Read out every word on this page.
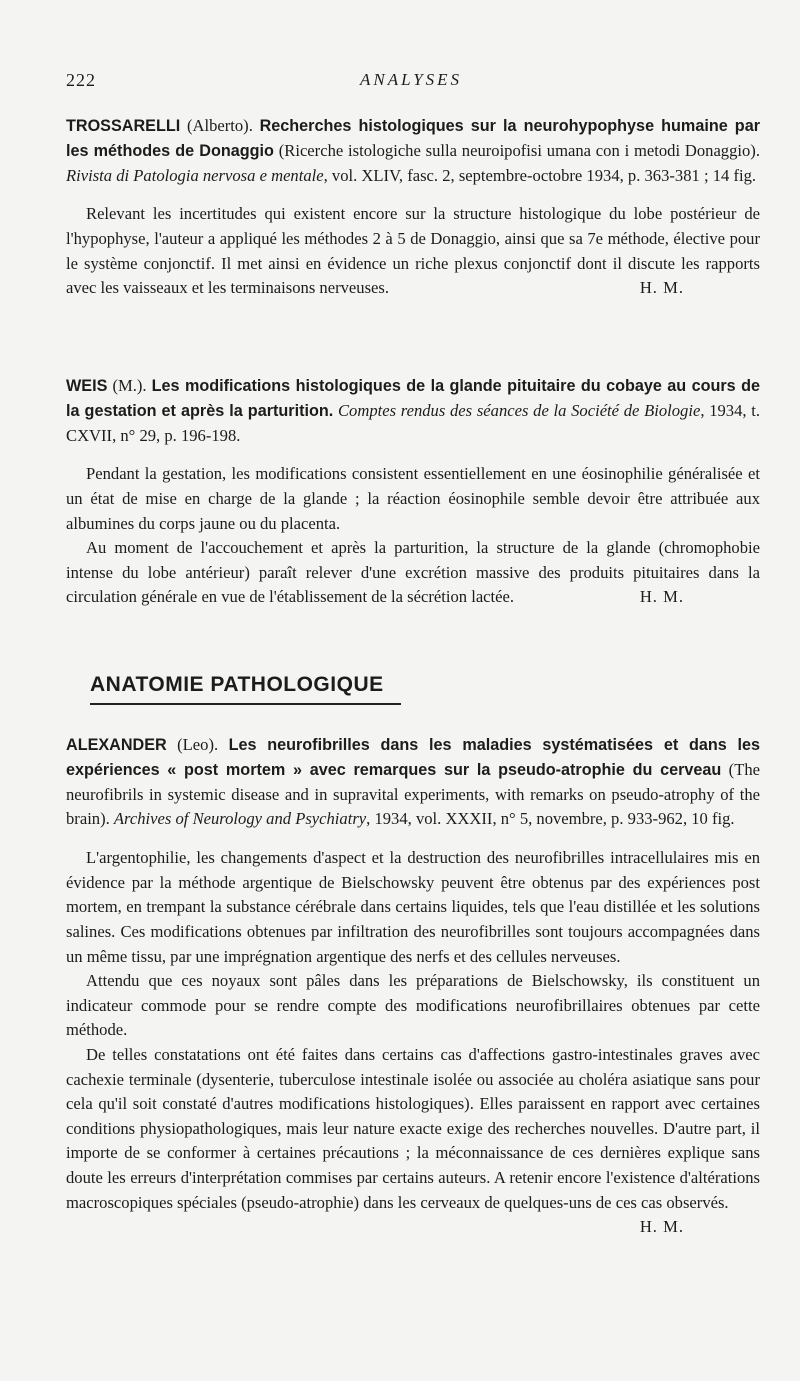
222	ANALYSES

TROSSARELLI (Alberto). Recherches histologiques sur la neurohypophyse humaine par les méthodes de Donaggio (Ricerche istologiche sulla neuroipofisi umana con i metodi Donaggio). Rivista di Patologia nervosa e mentale, vol. XLIV, fasc. 2, septembre-octobre 1934, p. 363-381 ; 14 fig.

Relevant les incertitudes qui existent encore sur la structure histologique du lobe postérieur de l'hypophyse, l'auteur a appliqué les méthodes 2 à 5 de Donaggio, ainsi que sa 7e méthode, élective pour le système conjonctif. Il met ainsi en évidence un riche plexus conjonctif dont il discute les rapports avec les vaisseaux et les terminaisons nerveuses.	H. M.

WEIS (M.). Les modifications histologiques de la glande pituitaire du cobaye au cours de la gestation et après la parturition. Comptes rendus des séances de la Société de Biologie, 1934, t. CXVII, n° 29, p. 196-198.

Pendant la gestation, les modifications consistent essentiellement en une éosinophilie généralisée et un état de mise en charge de la glande ; la réaction éosinophile semble devoir être attribuée aux albumines du corps jaune ou du placenta.

Au moment de l'accouchement et après la parturition, la structure de la glande (chromophobie intense du lobe antérieur) paraît relever d'une excrétion massive des produits pituitaires dans la circulation générale en vue de l'établissement de la sécrétion lactée.	H. M.

ANATOMIE PATHOLOGIQUE

ALEXANDER (Leo). Les neurofibrilles dans les maladies systématisées et dans les expériences « post mortem » avec remarques sur la pseudo-atrophie du cerveau (The neurofibrils in systemic disease and in supravital experiments, with remarks on pseudo-atrophy of the brain). Archives of Neurology and Psychiatry, 1934, vol. XXXII, n° 5, novembre, p. 933-962, 10 fig.

L'argentophilie, les changements d'aspect et la destruction des neurofibrilles intracellulaires mis en évidence par la méthode argentique de Bielschowsky peuvent être obtenus par des expériences post mortem, en trempant la substance cérébrale dans certains liquides, tels que l'eau distillée et les solutions salines. Ces modifications obtenues par infiltration des neurofibrilles sont toujours accompagnées dans un même tissu, par une imprégnation argentique des nerfs et des cellules nerveuses.

Attendu que ces noyaux sont pâles dans les préparations de Bielschowsky, ils constituent un indicateur commode pour se rendre compte des modifications neurofibrillaires obtenues par cette méthode.

De telles constatations ont été faites dans certains cas d'affections gastro-intestinales graves avec cachexie terminale (dysenterie, tuberculose intestinale isolée ou associée au choléra asiatique sans pour cela qu'il soit constaté d'autres modifications histologiques). Elles paraissent en rapport avec certaines conditions physiopathologiques, mais leur nature exacte exige des recherches nouvelles. D'autre part, il importe de se conformer à certaines précautions ; la méconnaissance de ces dernières explique sans doute les erreurs d'interprétation commises par certains auteurs. A retenir encore l'existence d'altérations macroscopiques spéciales (pseudo-atrophie) dans les cerveaux de quelques-uns de ces cas observés.
H. M.
